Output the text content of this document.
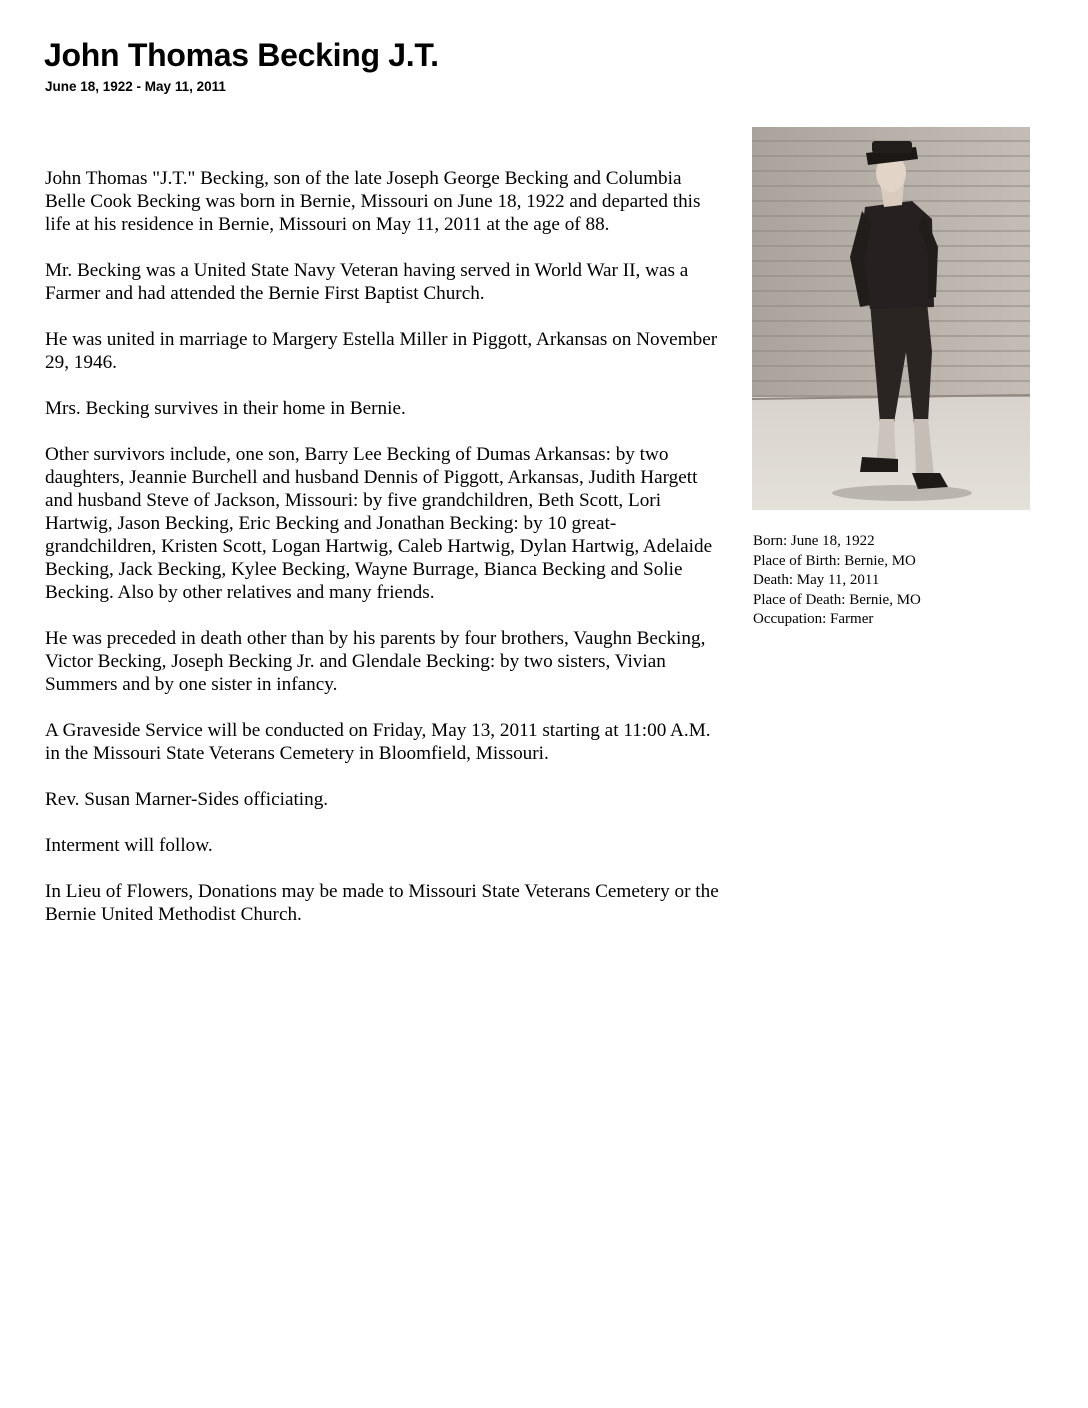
John Thomas Becking J.T.
June 18, 1922 - May 11, 2011

John Thomas "J.T." Becking, son of the late Joseph George Becking and Columbia Belle Cook Becking was born in Bernie, Missouri on June 18, 1922 and departed this life at his residence in Bernie, Missouri on May 11, 2011 at the age of 88.

Mr. Becking was a United State Navy Veteran having served in World War II, was a Farmer and had attended the Bernie First Baptist Church.

He was united in marriage to Margery Estella Miller in Piggott, Arkansas on November 29, 1946.

Mrs. Becking survives in their home in Bernie.

Other survivors include, one son, Barry Lee Becking of Dumas Arkansas: by two daughters, Jeannie Burchell and husband Dennis of Piggott, Arkansas, Judith Hargett and husband Steve of Jackson, Missouri: by five grandchildren, Beth Scott, Lori Hartwig, Jason Becking, Eric Becking and Jonathan Becking: by 10 great-grandchildren, Kristen Scott, Logan Hartwig, Caleb Hartwig, Dylan Hartwig, Adelaide Becking, Jack Becking, Kylee Becking, Wayne Burrage, Bianca Becking and Solie Becking. Also by other relatives and many friends.

He was preceded in death other than by his parents by four brothers, Vaughn Becking, Victor Becking, Joseph Becking Jr. and Glendale Becking: by two sisters, Vivian Summers and by one sister in infancy.

A Graveside Service will be conducted on Friday, May 13, 2011 starting at 11:00 A.M. in the Missouri State Veterans Cemetery in Bloomfield, Missouri.

Rev. Susan Marner-Sides officiating.

Interment will follow.

In Lieu of Flowers, Donations may be made to Missouri State Veterans Cemetery or the Bernie United Methodist Church.

Born: June 18, 1922
Place of Birth: Bernie, MO
Death: May 11, 2011
Place of Death: Bernie, MO
Occupation: Farmer
